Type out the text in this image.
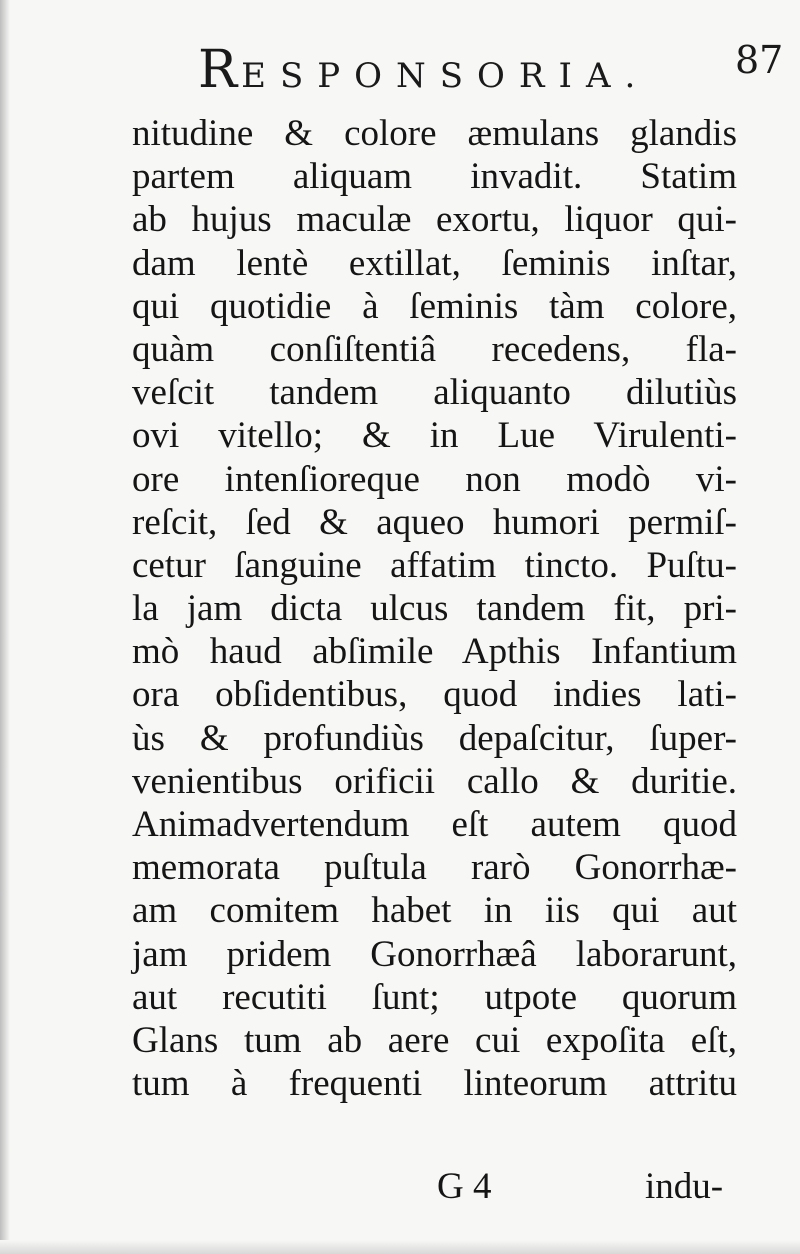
RESPONSORIA. 87
nitudine & colore æmulans glandis
partem aliquam invadit. Statim
ab hujus maculæ exortu, liquor qui-
dam lentè extillat, ſeminis inſtar,
qui quotidie à ſeminis tàm colore,
quàm conſiſtentiâ recedens, fla-
veſcit tandem aliquanto dilutiùs
ovi vitello; & in Lue Virulenti-
ore intenſioreque non modò vi-
reſcit, ſed & aqueo humori permiſ-
cetur ſanguine affatim tincto. Puſtu-
la jam dicta ulcus tandem fit, pri-
mò haud abſimile Apthis Infantium
ora obſidentibus, quod indies lati-
ùs & profundiùs depaſcitur, ſuper-
venientibus orificii callo & duritie.
Animadvertendum eſt autem quod
memorata puſtula rarò Gonorrhæ-
am comitem habet in iis qui aut
jam pridem Gonorrhæâ laborarunt,
aut recutiti ſunt; utpote quorum
Glans tum ab aere cui expoſita eſt,
tum à frequenti linteorum attritu
G 4	indu-
